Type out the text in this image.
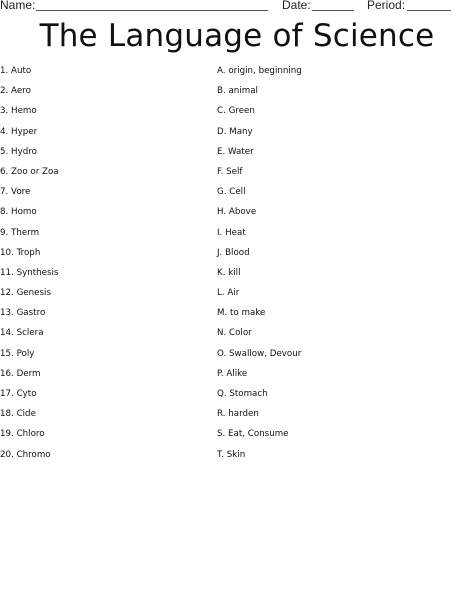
Name:	Date:	Period:
The Language of Science
1. Auto
2. Aero
3. Hemo
4. Hyper
5. Hydro
6. Zoo or Zoa
7. Vore
8. Homo
9. Therm
10. Troph
11. Synthesis
12. Genesis
13. Gastro
14. Sclera
15. Poly
16. Derm
17. Cyto
18. Cide
19. Chloro
20. Chromo
A. origin, beginning
B. animal
C. Green
D. Many
E. Water
F. Self
G. Cell
H. Above
I. Heat
J. Blood
K. kill
L. Air
M. to make
N. Color
O. Swallow, Devour
P. Alike
Q. Stomach
R. harden
S. Eat, Consume
T. Skin
